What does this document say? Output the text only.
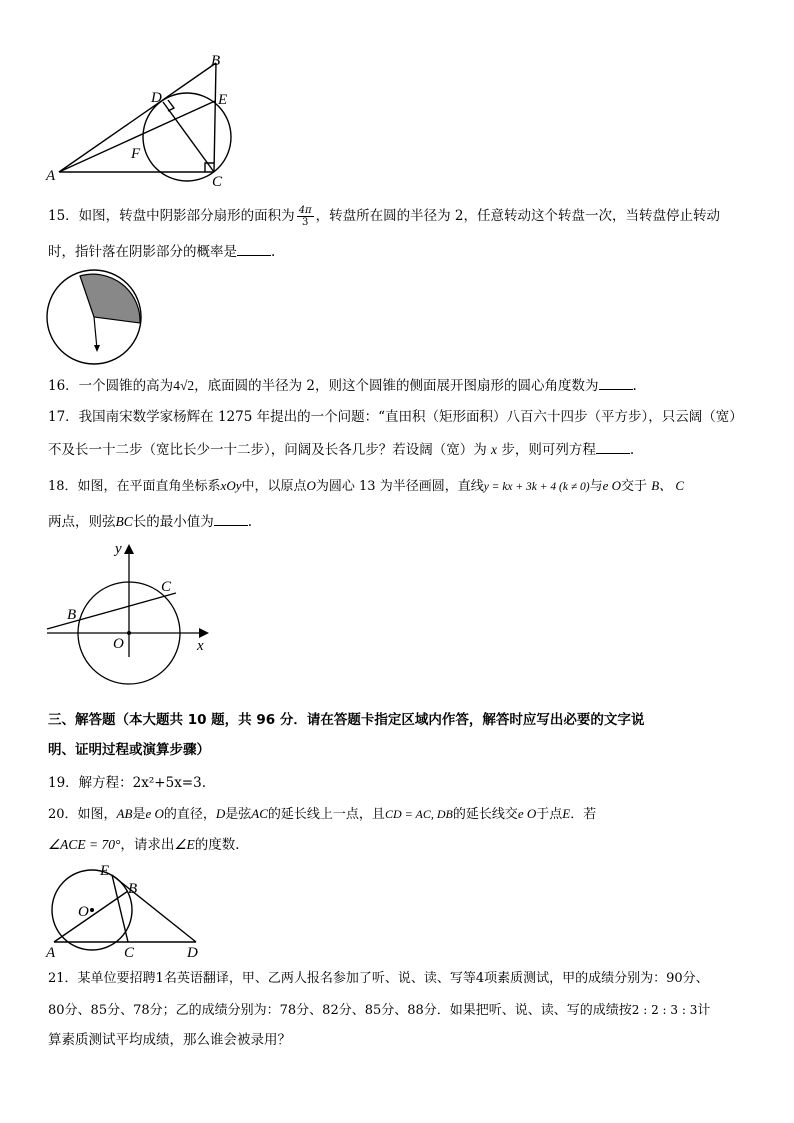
A
B
C
D	E
F
15．如图，转盘中阴影部分扇形的面积为 $\frac{4\pi}{3}$ ，转盘所在圆的半径为 2，任意转动这个转盘一次，当转盘停止转动
时，指针落在阴影部分的概率是	.
16．一个圆锥的高为4√2，底面圆的半径为 2，则这个圆锥的侧面展开图扇形的圆心角度数为	.
17．我国南宋数学家杨辉在 1275 年提出的一个问题：“直田积（矩形面积）八百六十四步（平方步），只云阔（宽）
不及长一十二步（宽比长少一十二步），问阔及长各几步？若设阔（宽）为 x 步，则可列方程	.
18．如图，在平面直角坐标系xOy中，以原点O为圆心 13 为半径画圆，直线y = kx + 3k + 4 (k ≠ 0)与e O交于 B、 C
两点，则弦BC长的最小值为	.
y
x
O
B
C
三、解答题（本大题共 10 题，共 96 分．请在答题卡指定区域内作答，解答时应写出必要的文字说
明、证明过程或演算步骤）
19．解方程：2x²+5x=3.
20．如图，AB是e O的直径，D是弦AC的延长线上一点，且CD = AC, DB的延长线交e O于点E．若
∠ACE = 70°，请求出∠E的度数．
E
B
O
A	C	D
21．某单位要招聘1名英语翻译，甲、乙两人报名参加了听、说、读、写等4项素质测试，甲的成绩分别为：90分、
80分、85分、78分；乙的成绩分别为：78分、82分、85分、88分．如果把听、说、读、写的成绩按2 : 2 : 3 : 3计
算素质测试平均成绩，那么谁会被录用？
